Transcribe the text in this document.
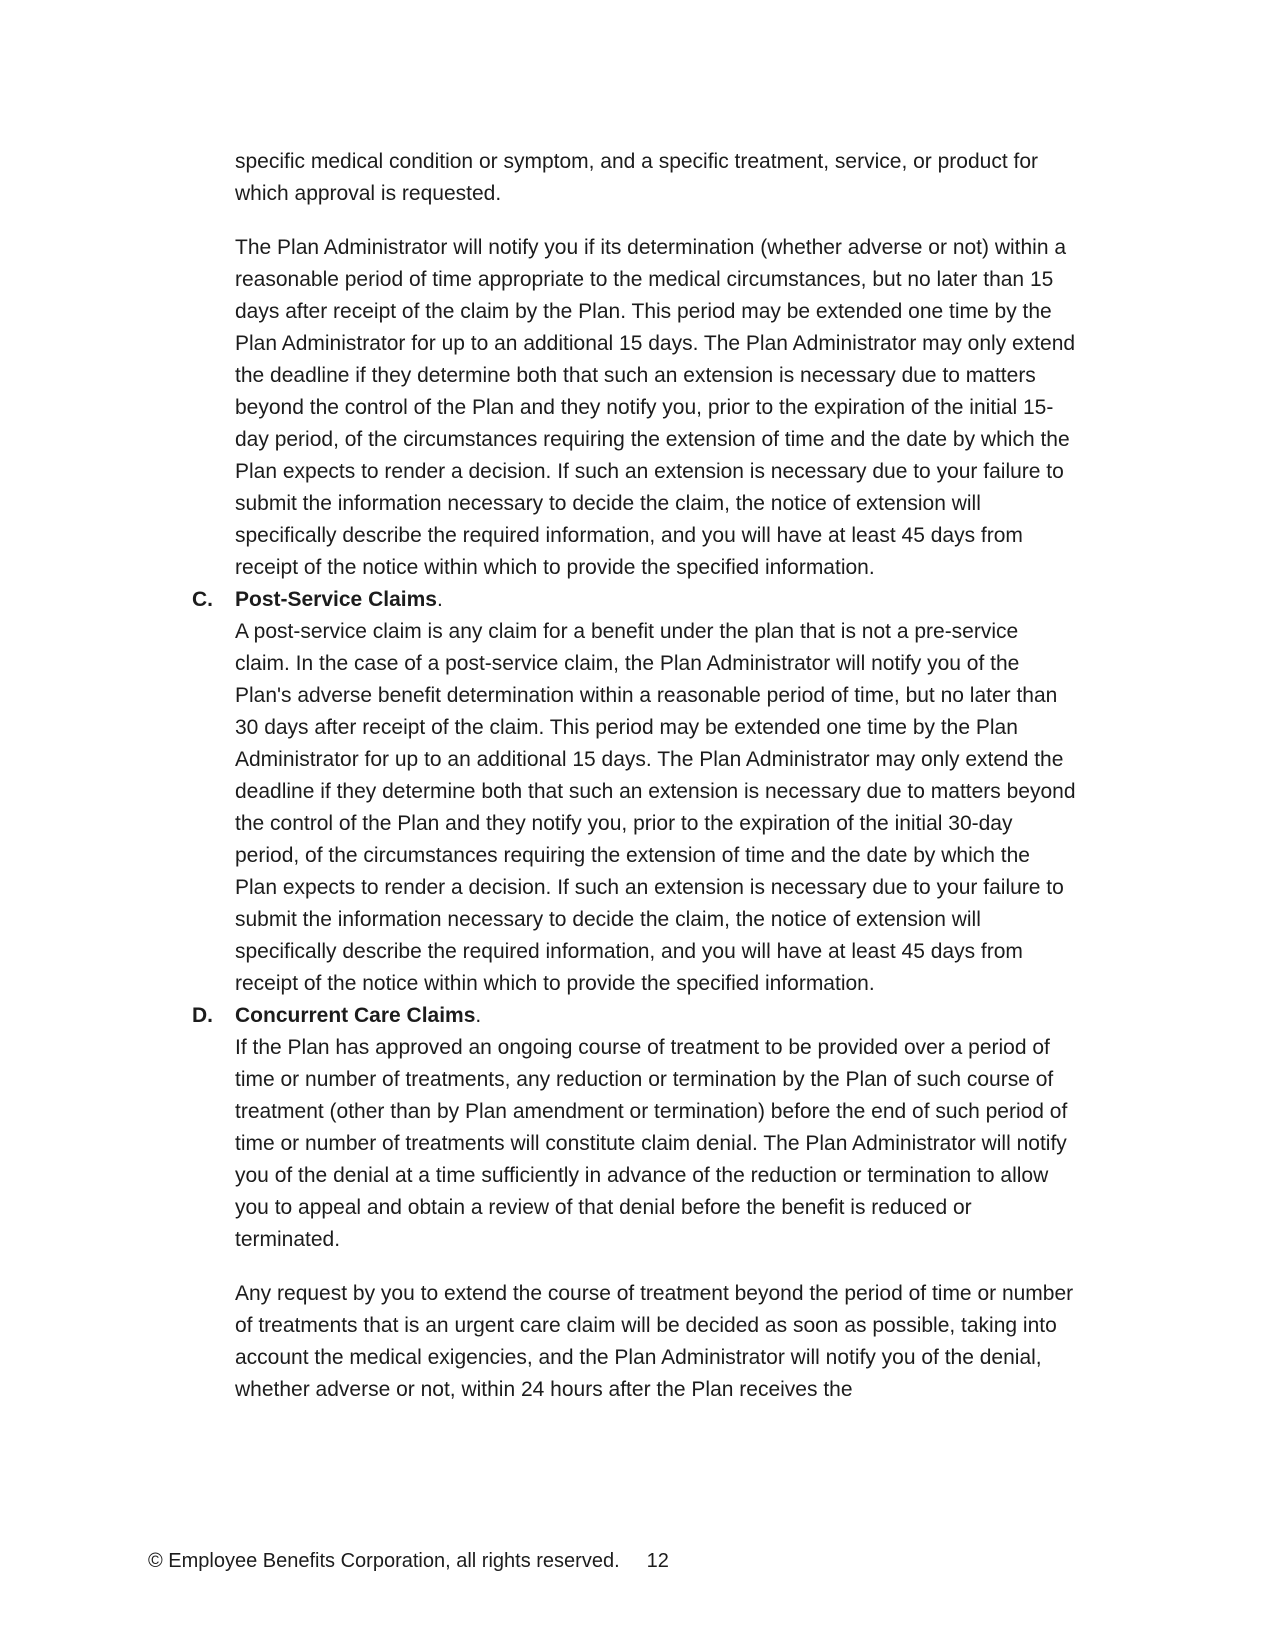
specific medical condition or symptom, and a specific treatment, service, or product for which approval is requested.
The Plan Administrator will notify you if its determination (whether adverse or not) within a reasonable period of time appropriate to the medical circumstances, but no later than 15 days after receipt of the claim by the Plan. This period may be extended one time by the Plan Administrator for up to an additional 15 days. The Plan Administrator may only extend the deadline if they determine both that such an extension is necessary due to matters beyond the control of the Plan and they notify you, prior to the expiration of the initial 15-day period, of the circumstances requiring the extension of time and the date by which the Plan expects to render a decision. If such an extension is necessary due to your failure to submit the information necessary to decide the claim, the notice of extension will specifically describe the required information, and you will have at least 45 days from receipt of the notice within which to provide the specified information.
C.	Post-Service Claims.
A post-service claim is any claim for a benefit under the plan that is not a pre-service claim. In the case of a post-service claim, the Plan Administrator will notify you of the Plan's adverse benefit determination within a reasonable period of time, but no later than 30 days after receipt of the claim. This period may be extended one time by the Plan Administrator for up to an additional 15 days. The Plan Administrator may only extend the deadline if they determine both that such an extension is necessary due to matters beyond the control of the Plan and they notify you, prior to the expiration of the initial 30-day period, of the circumstances requiring the extension of time and the date by which the Plan expects to render a decision. If such an extension is necessary due to your failure to submit the information necessary to decide the claim, the notice of extension will specifically describe the required information, and you will have at least 45 days from receipt of the notice within which to provide the specified information.
D.	Concurrent Care Claims.
If the Plan has approved an ongoing course of treatment to be provided over a period of time or number of treatments, any reduction or termination by the Plan of such course of treatment (other than by Plan amendment or termination) before the end of such period of time or number of treatments will constitute claim denial. The Plan Administrator will notify you of the denial at a time sufficiently in advance of the reduction or termination to allow you to appeal and obtain a review of that denial before the benefit is reduced or terminated.
Any request by you to extend the course of treatment beyond the period of time or number of treatments that is an urgent care claim will be decided as soon as possible, taking into account the medical exigencies, and the Plan Administrator will notify you of the denial, whether adverse or not, within 24 hours after the Plan receives the
© Employee Benefits Corporation, all rights reserved. 12
